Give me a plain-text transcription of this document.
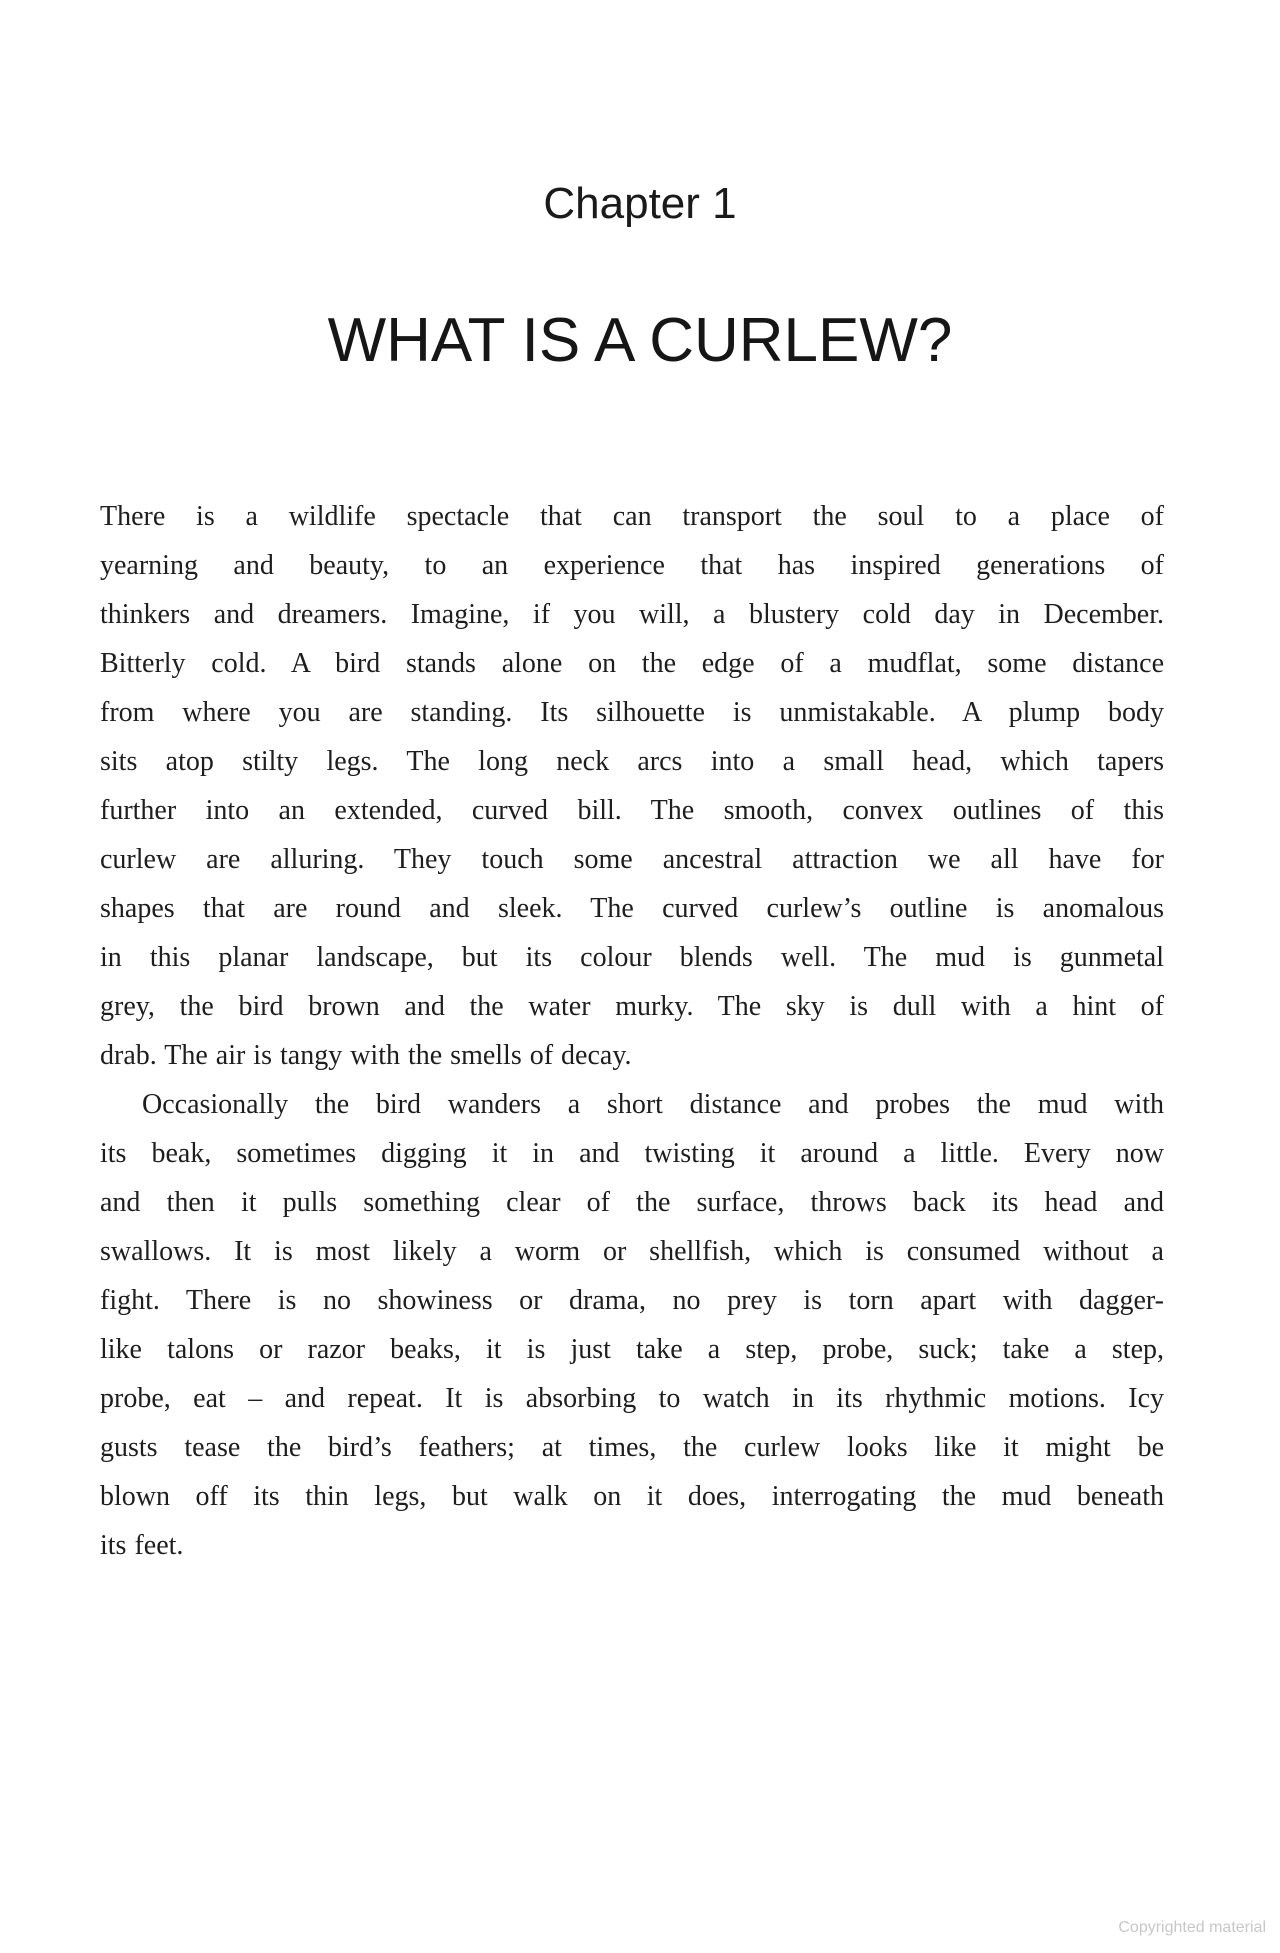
Chapter 1
WHAT IS A CURLEW?
There is a wildlife spectacle that can transport the soul to a place of
yearning and beauty, to an experience that has inspired generations of
thinkers and dreamers. Imagine, if you will, a blustery cold day in December.
Bitterly cold. A bird stands alone on the edge of a mudflat, some distance
from where you are standing. Its silhouette is unmistakable. A plump body
sits atop stilty legs. The long neck arcs into a small head, which tapers
further into an extended, curved bill. The smooth, convex outlines of this
curlew are alluring. They touch some ancestral attraction we all have for
shapes that are round and sleek. The curved curlew’s outline is anomalous
in this planar landscape, but its colour blends well. The mud is gunmetal
grey, the bird brown and the water murky. The sky is dull with a hint of
drab. The air is tangy with the smells of decay.
Occasionally the bird wanders a short distance and probes the mud with
its beak, sometimes digging it in and twisting it around a little. Every now
and then it pulls something clear of the surface, throws back its head and
swallows. It is most likely a worm or shellfish, which is consumed without a
fight. There is no showiness or drama, no prey is torn apart with dagger-
like talons or razor beaks, it is just take a step, probe, suck; take a step,
probe, eat – and repeat. It is absorbing to watch in its rhythmic motions. Icy
gusts tease the bird’s feathers; at times, the curlew looks like it might be
blown off its thin legs, but walk on it does, interrogating the mud beneath
its feet.
Copyrighted material
